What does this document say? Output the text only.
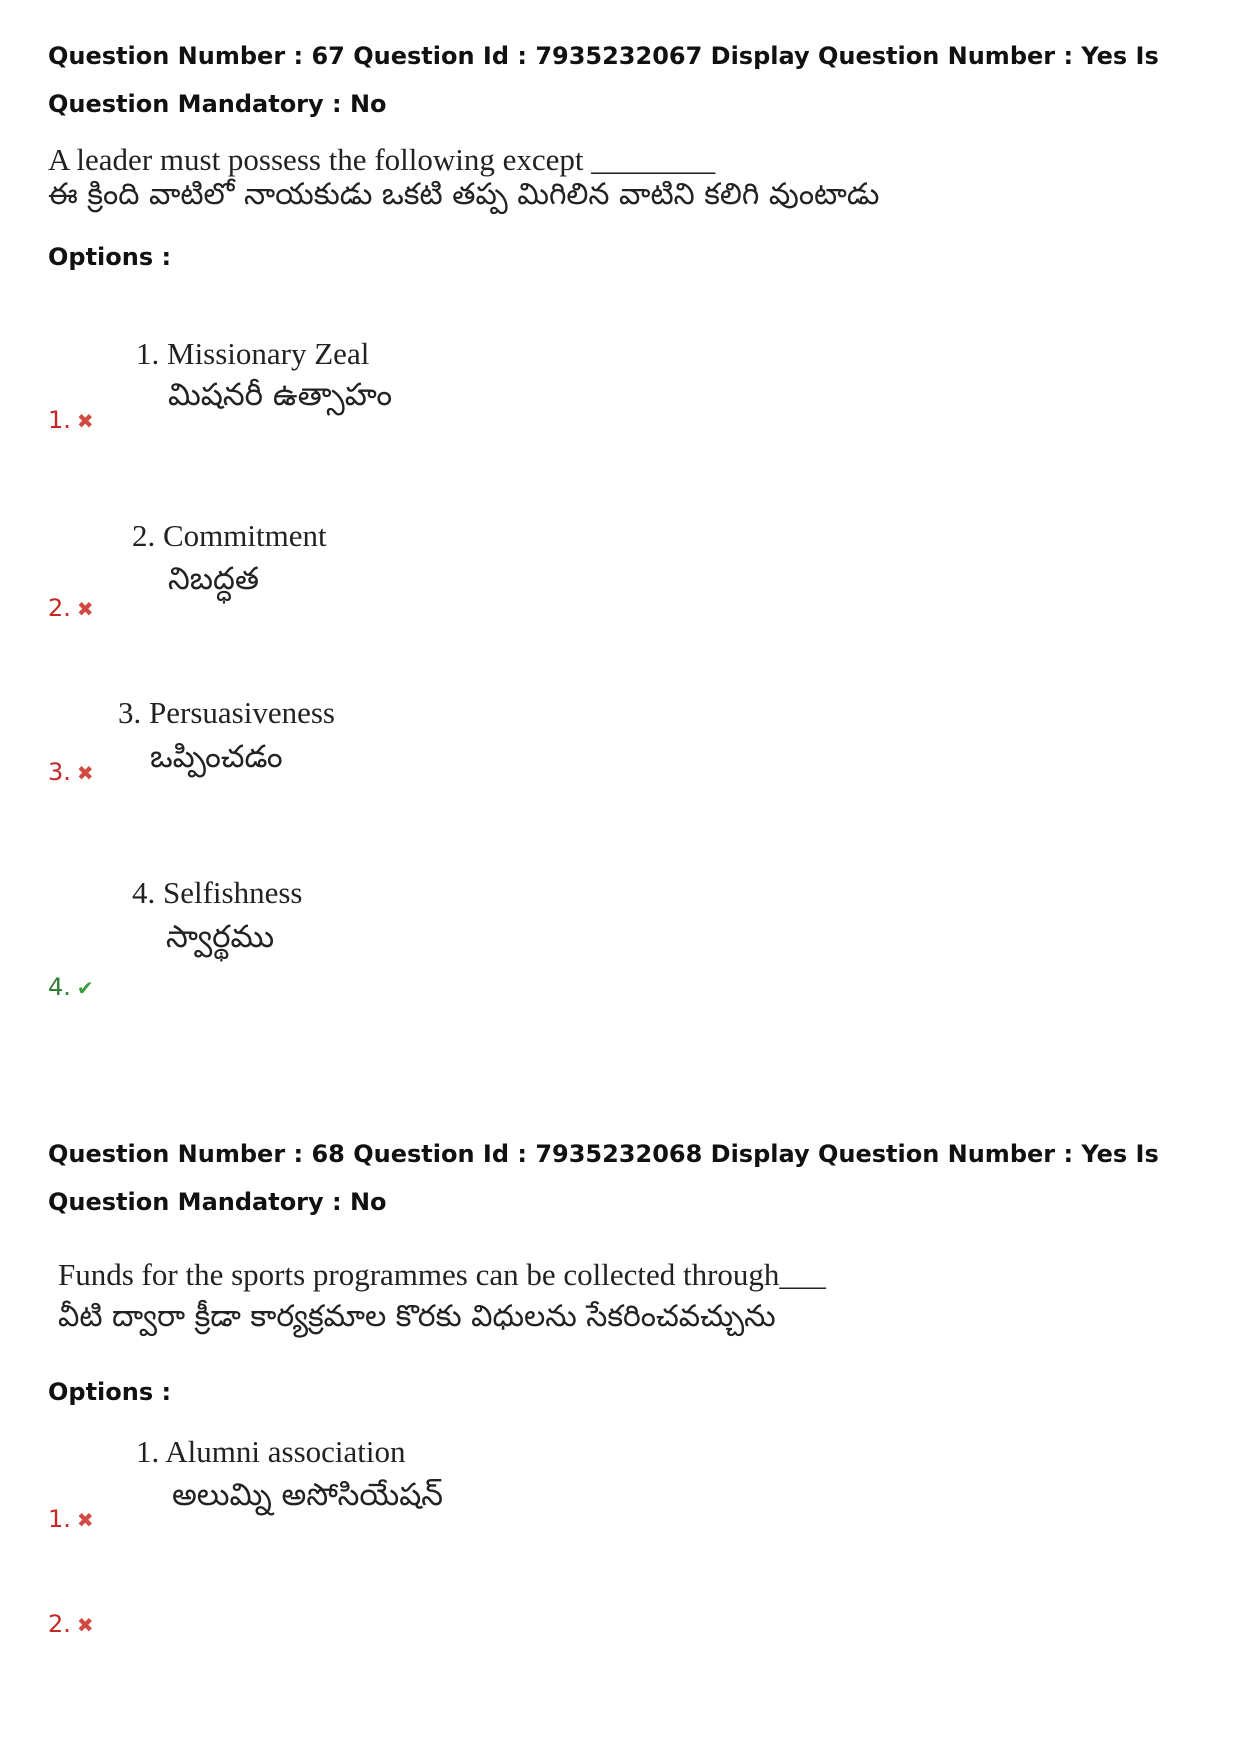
Question Number : 67 Question Id : 7935232067 Display Question Number : Yes Is Question Mandatory : No
A leader must possess the following except ________
ఈ క్రింది వాటిలో నాయకుడు ఒకటి తప్ప మిగిలిన వాటిని కలిగి వుంటాడు
Options :
1. Missionary Zeal
మిషనరీ ఉత్సాహం
1. ✖
2. Commitment
నిబద్ధత
2. ✖
3. Persuasiveness
ఒప్పించడం
3. ✖
4. Selfishness
స్వార్థము
4. ✔
Question Number : 68 Question Id : 7935232068 Display Question Number : Yes Is Question Mandatory : No
Funds for the sports programmes can be collected through___
వీటి ద్వారా క్రీడా కార్యక్రమాల కొరకు విధులను సేకరించవచ్చును
Options :
1. Alumni association
అలుమ్ని అసోసియేషన్
1. ✖
2. ✖
